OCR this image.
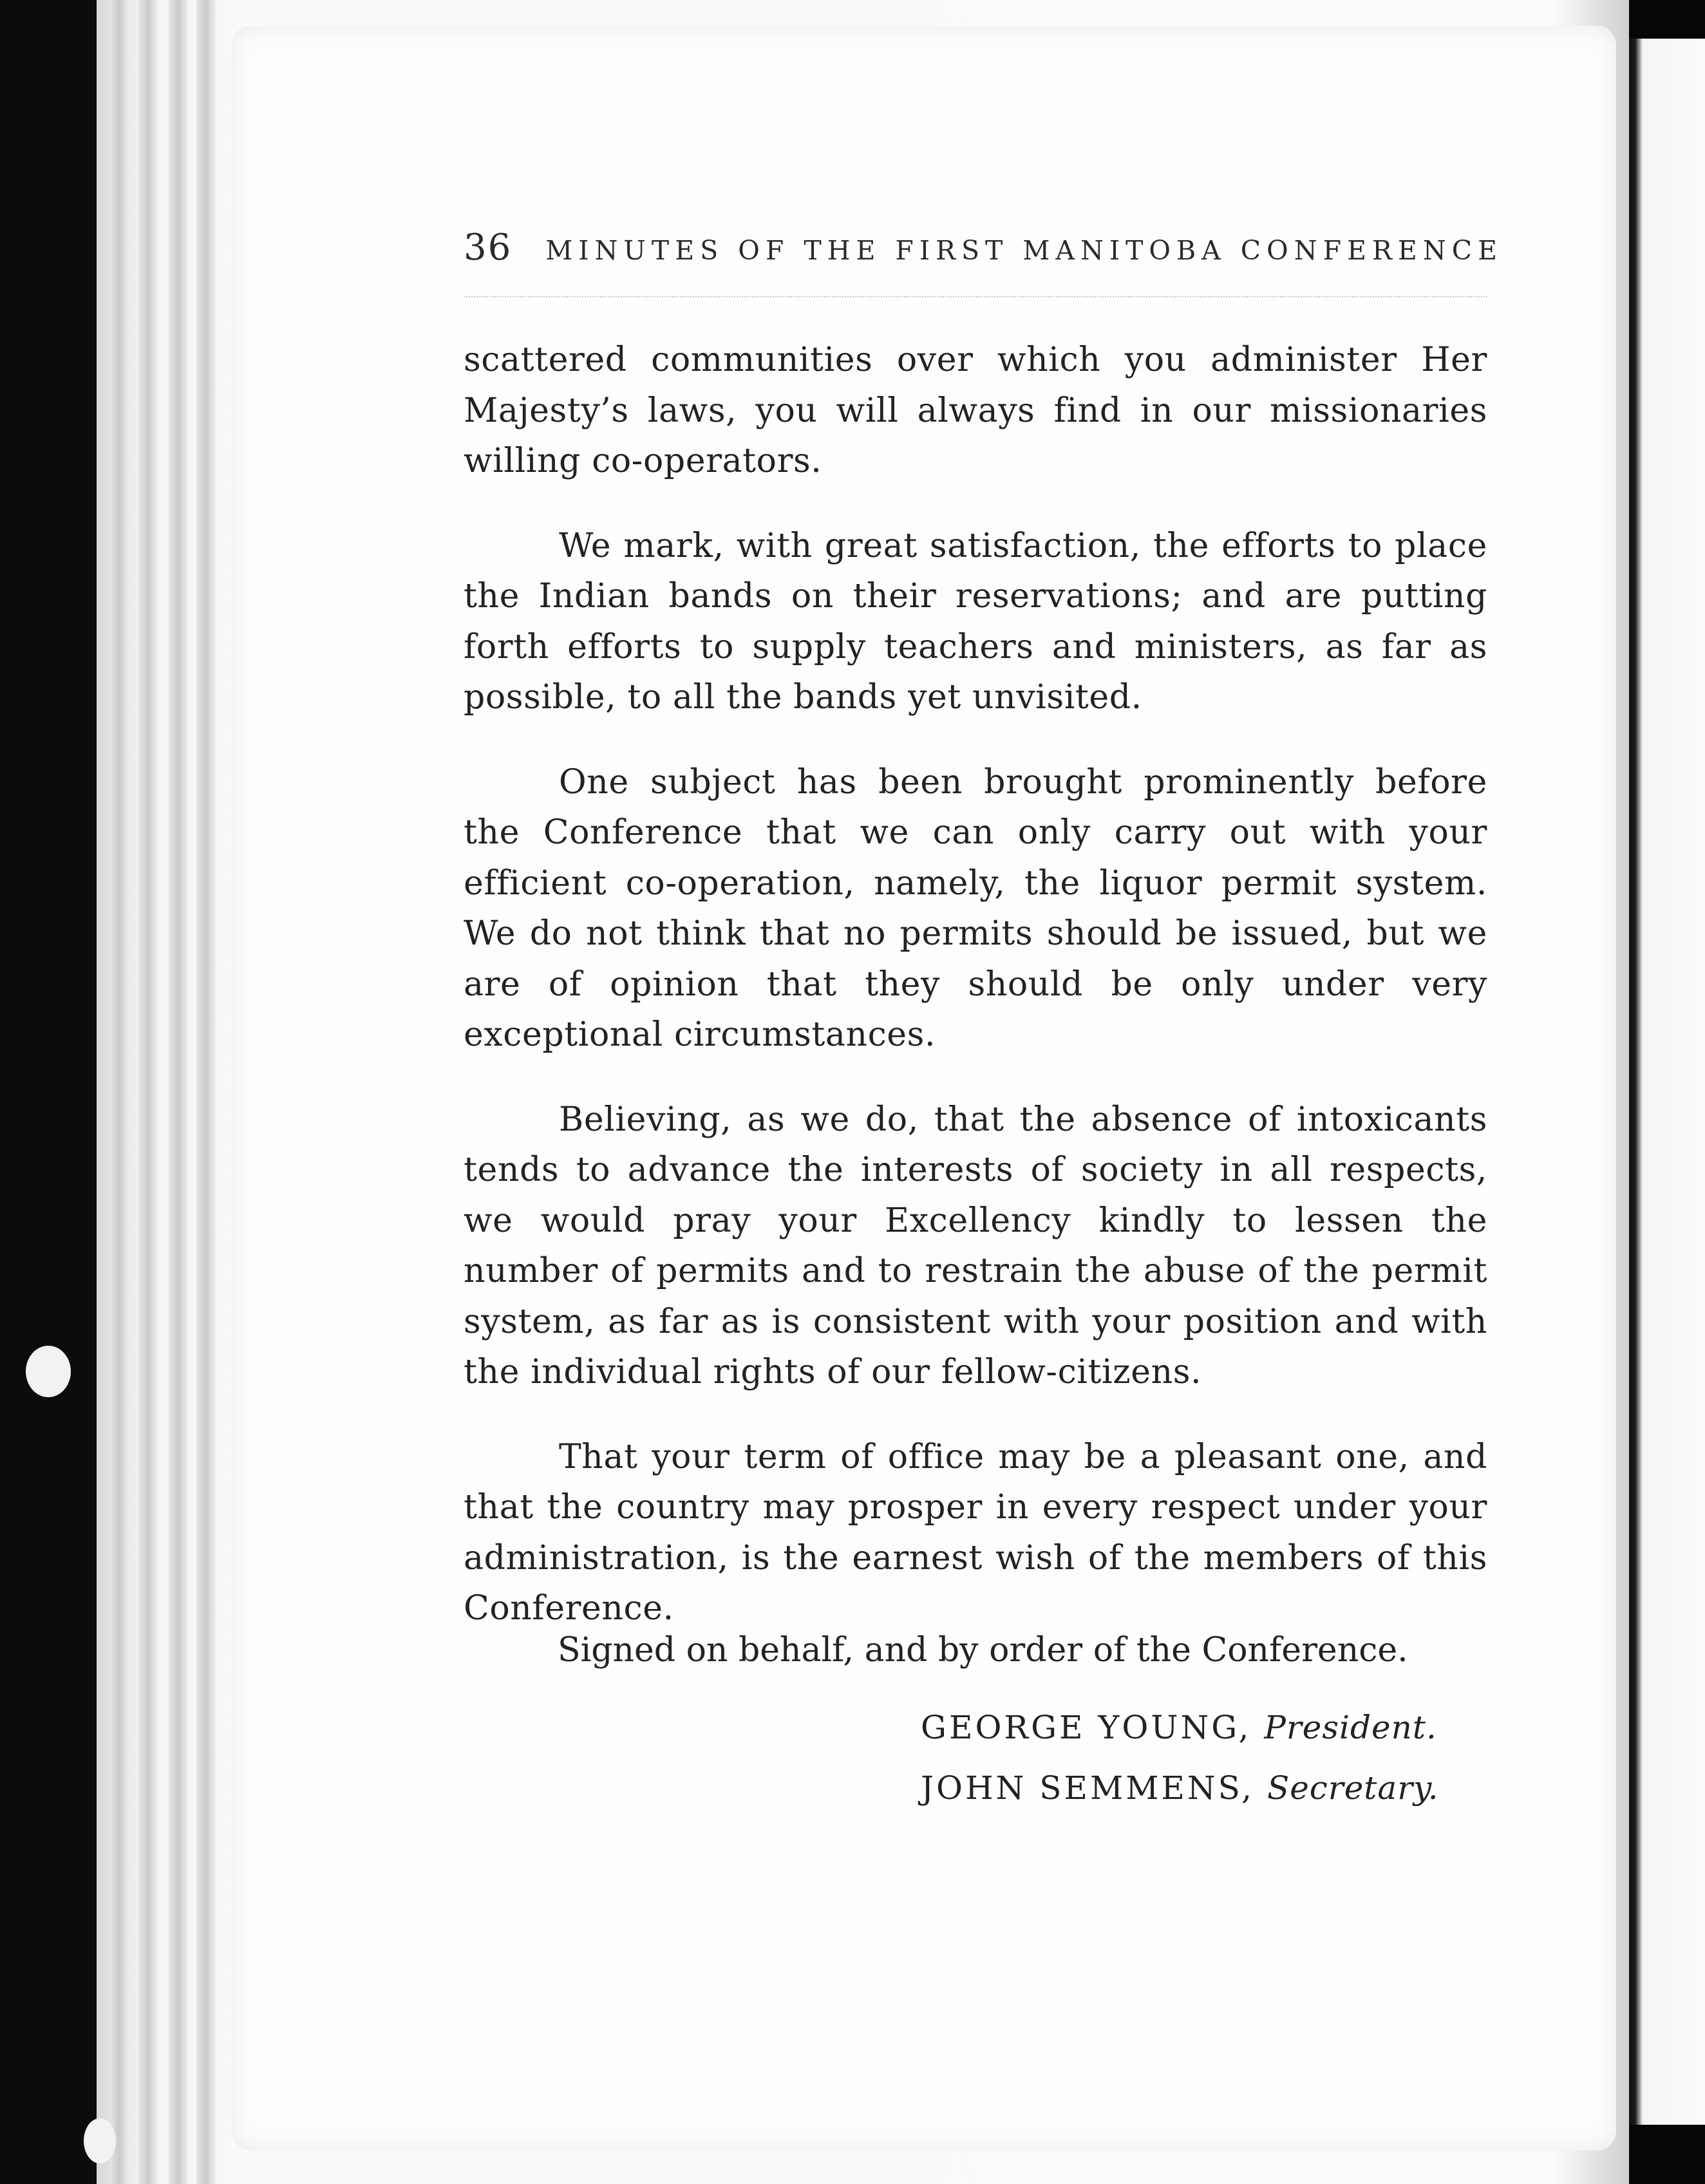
36 MINUTES OF THE FIRST MANITOBA CONFERENCE

scattered communities over which you administer Her Majesty’s laws, you will always find in our missionaries willing co-operators.

We mark, with great satisfaction, the efforts to place the Indian bands on their reservations; and are putting forth efforts to supply teachers and ministers, as far as possible, to all the bands yet unvisited.

One subject has been brought prominently before the Conference that we can only carry out with your efficient co-operation, namely, the liquor permit system. We do not think that no permits should be issued, but we are of opinion that they should be only under very exceptional circumstances.

Believing, as we do, that the absence of intoxicants tends to advance the interests of society in all respects, we would pray your Excellency kindly to lessen the number of permits and to restrain the abuse of the permit system, as far as is consistent with your position and with the individual rights of our fellow-citizens.

That your term of office may be a pleasant one, and that the country may prosper in every respect under your administration, is the earnest wish of the members of this Conference.

Signed on behalf, and by order of the Conference.

GEORGE YOUNG, President.
JOHN SEMMENS, Secretary.
